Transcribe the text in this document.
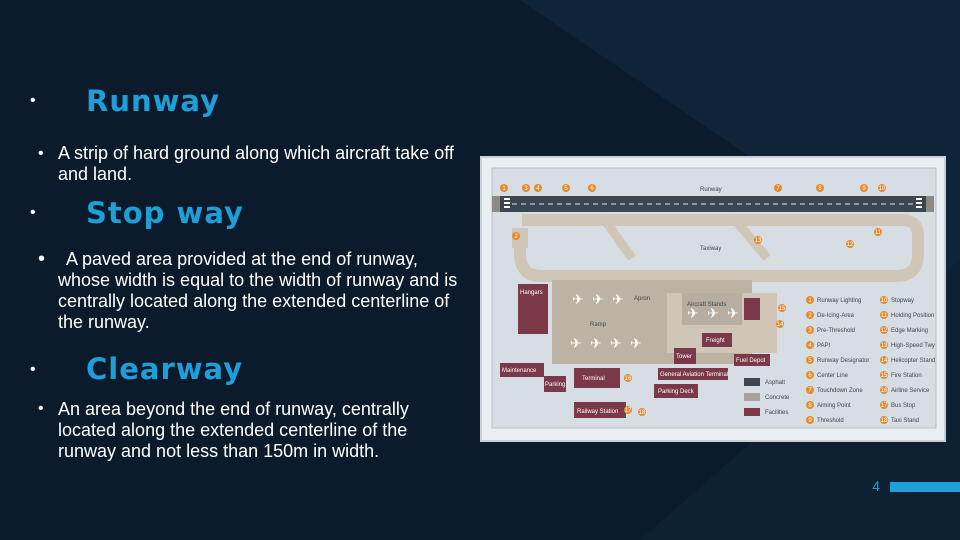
• Runway
• A strip of hard ground along which aircraft take off and land.
• Stop way
•	A paved area provided at the end of runway, whose width is equal to the width of runway and is centrally located along the extended centerline of the runway.
• Clearway
• An area beyond the end of runway, centrally located along the extended centerline of the runway and not less than 150m in width.
✈ ✈ ✈
✈ ✈ ✈ ✈
✈ ✈ ✈
Hangars
Maintenance
Parking
Terminal
Tower
Freight
Fuel Depot
General Aviation Terminal
Parking Deck
Railway Station
Runway
Taxiway
Apron
Aircraft Stands
Ramp
1
2
3 4	5	6	7	8	9 10
11
12
13
14
15
16
17 18
1 Runway Lighting
2 De-Icing-Area
3 Pre-Threshold
4 PAPI
5 Runway Designator
6 Center Line
7 Touchdown Zone
8 Aiming Point
9 Threshold
10 Stopway
11 Holding Position
12 Edge Marking
13 High-Speed Twy
14 Helicopter Stand
15 Fire Station
16 Airline Service
17 Bus Stop
18 Taxi Stand
Asphalt
Concrete
Facilities
4
